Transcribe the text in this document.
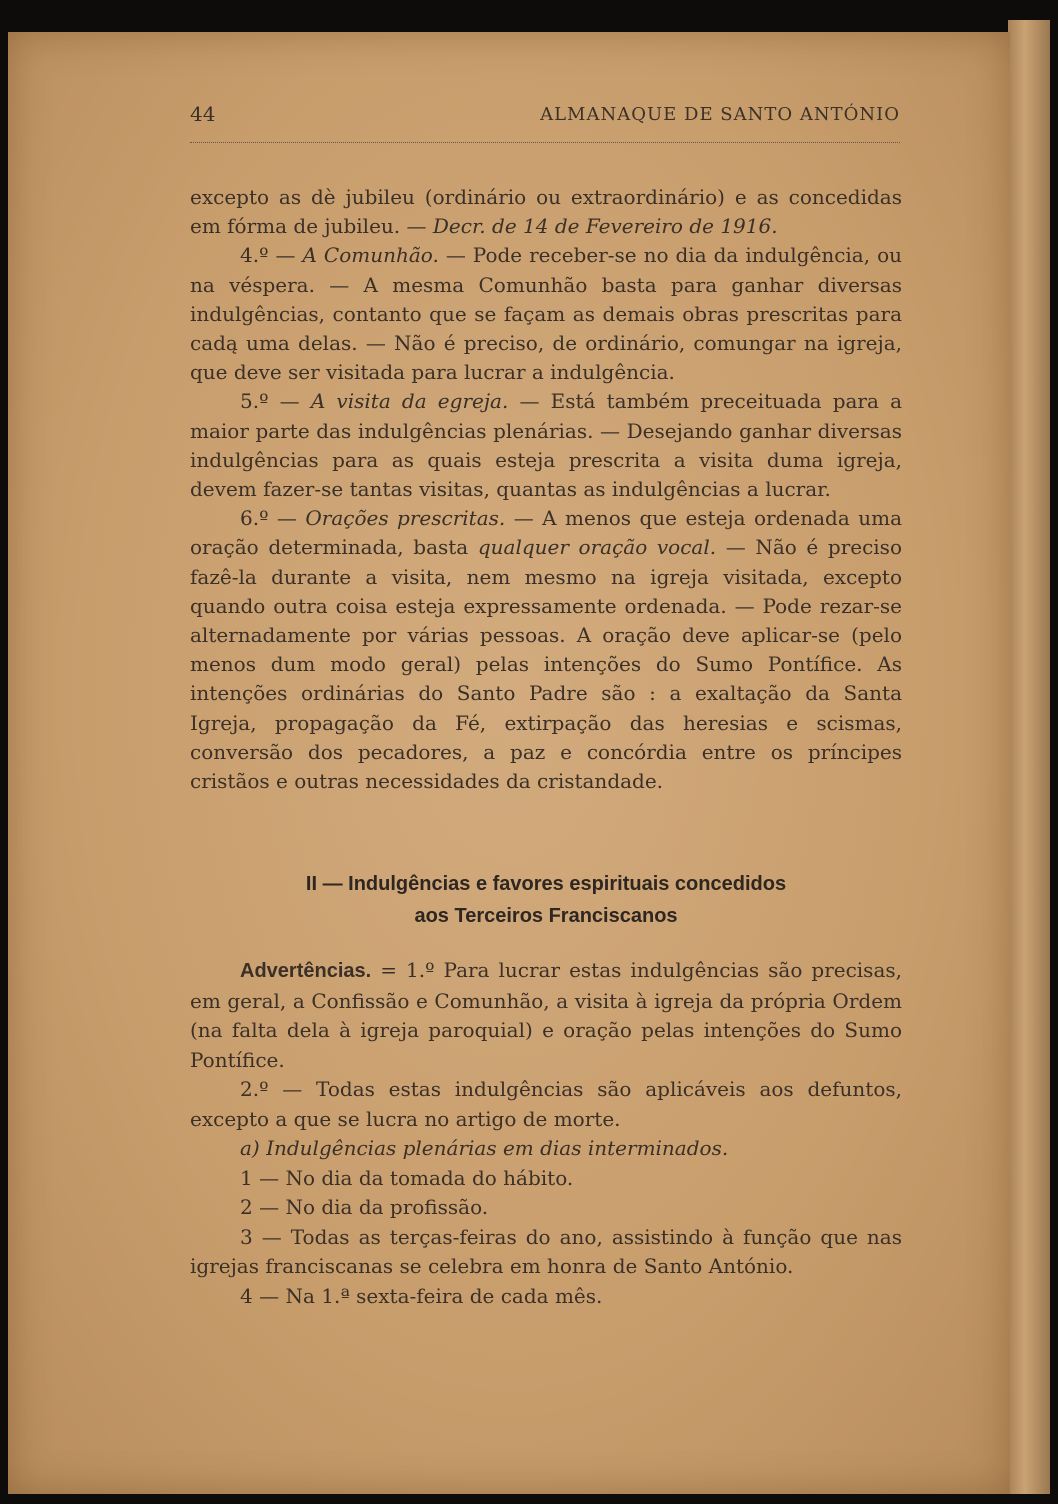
44	ALMANAQUE DE SANTO ANTÓNIO

excepto as dè jubileu (ordinário ou extraordinário) e as concedidas em fórma de jubileu. — Decr. de 14 de Fevereiro de 1916.

4.º — A Comunhão. — Pode receber-se no dia da indulgência, ou na véspera. — A mesma Comunhão basta para ganhar diversas indulgências, contanto que se façam as demais obras prescritas para cadą uma delas. — Não é preciso, de ordinário, comungar na igreja, que deve ser visitada para lucrar a indulgência.

5.º — A visita da egreja. — Está também preceituada para a maior parte das indulgências plenárias. — Desejando ganhar diversas indulgências para as quais esteja prescrita a visita duma igreja, devem fazer-se tantas visitas, quantas as indulgências a lucrar.

6.º — Orações prescritas. — A menos que esteja ordenada uma oração determinada, basta qualquer oração vocal. — Não é preciso fazê-la durante a visita, nem mesmo na igreja visitada, excepto quando outra coisa esteja expressamente ordenada. — Pode rezar-se alternadamente por várias pessoas. A oração deve aplicar-se (pelo menos dum modo geral) pelas intenções do Sumo Pontífice. As intenções ordinárias do Santo Padre são : a exaltação da Santa Igreja, propagação da Fé, extirpação das heresias e scismas, conversão dos pecadores, a paz e concórdia entre os príncipes cristãos e outras necessidades da cristandade.

II — Indulgências e favores espirituais concedidos
aos Terceiros Franciscanos

Advertências. = 1.º Para lucrar estas indulgências são precisas, em geral, a Confissão e Comunhão, a visita à igreja da própria Ordem (na falta dela à igreja paroquial) e oração pelas intenções do Sumo Pontífice.

2.º — Todas estas indulgências são aplicáveis aos defuntos, excepto a que se lucra no artigo de morte.

a) Indulgências plenárias em dias interminados.

1 — No dia da tomada do hábito.

2 — No dia da profissão.

3 — Todas as terças-feiras do ano, assistindo à função que nas igrejas franciscanas se celebra em honra de Santo António.

4 — Na 1.ª sexta-feira de cada mês.
